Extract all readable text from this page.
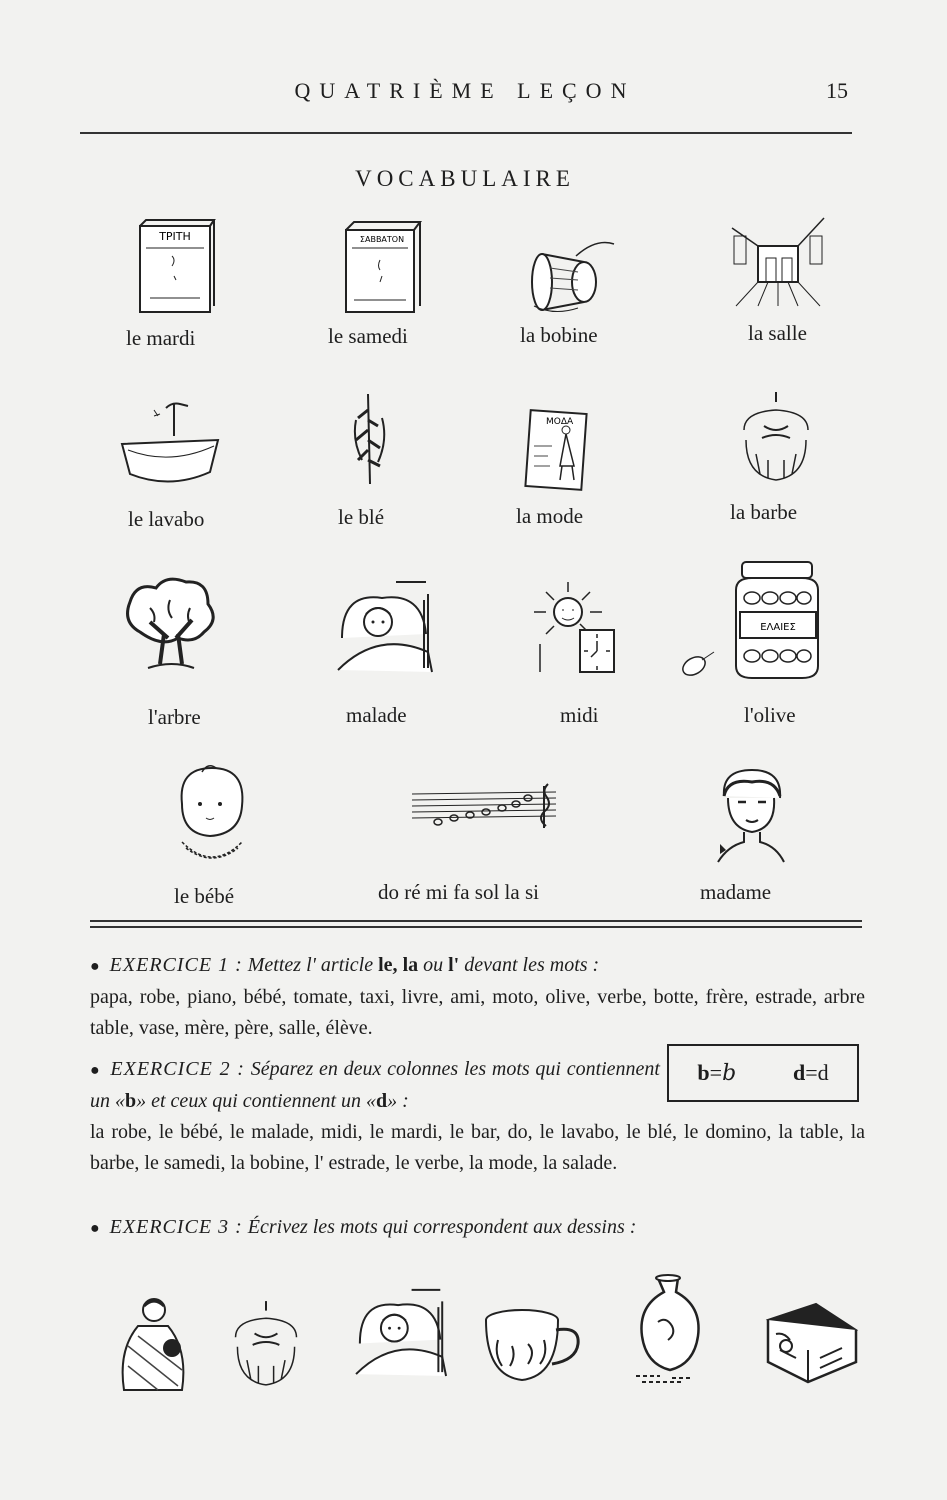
QUATRIÈME LEÇON	15
VOCABULAIRE
ΤΡΙΤΗ
le mardi
ΣΑΒΒΑΤΟΝ
le samedi	la bobine	la salle
le lavabo	le blé
ΜΟΔΑ
la mode	la barbe
l'arbre	malade	midi
ΕΛΑΙΕΣ
l'olive
le bébé	do ré mi fa sol la si	madame
● EXERCICE 1 : Mettez l' article le, la ou l' devant les mots :
papa, robe, piano, bébé, tomate, taxi, livre, ami, moto, olive, verbe, botte, frère, estrade, arbre table, vase, mère, père, salle, élève.
● EXERCICE 2 : Séparez en deux colonnes les mots qui contiennent un «b» et ceux qui contiennent un «d» :
la robe, le bébé, le malade, midi, le mardi, le bar, do, le lavabo, le blé, le domino, la table, la barbe, le samedi, la bobine, l' estrade, le verbe, la mode, la salade.
b=b	d=d
● EXERCICE 3 : Écrivez les mots qui correspondent aux dessins :
